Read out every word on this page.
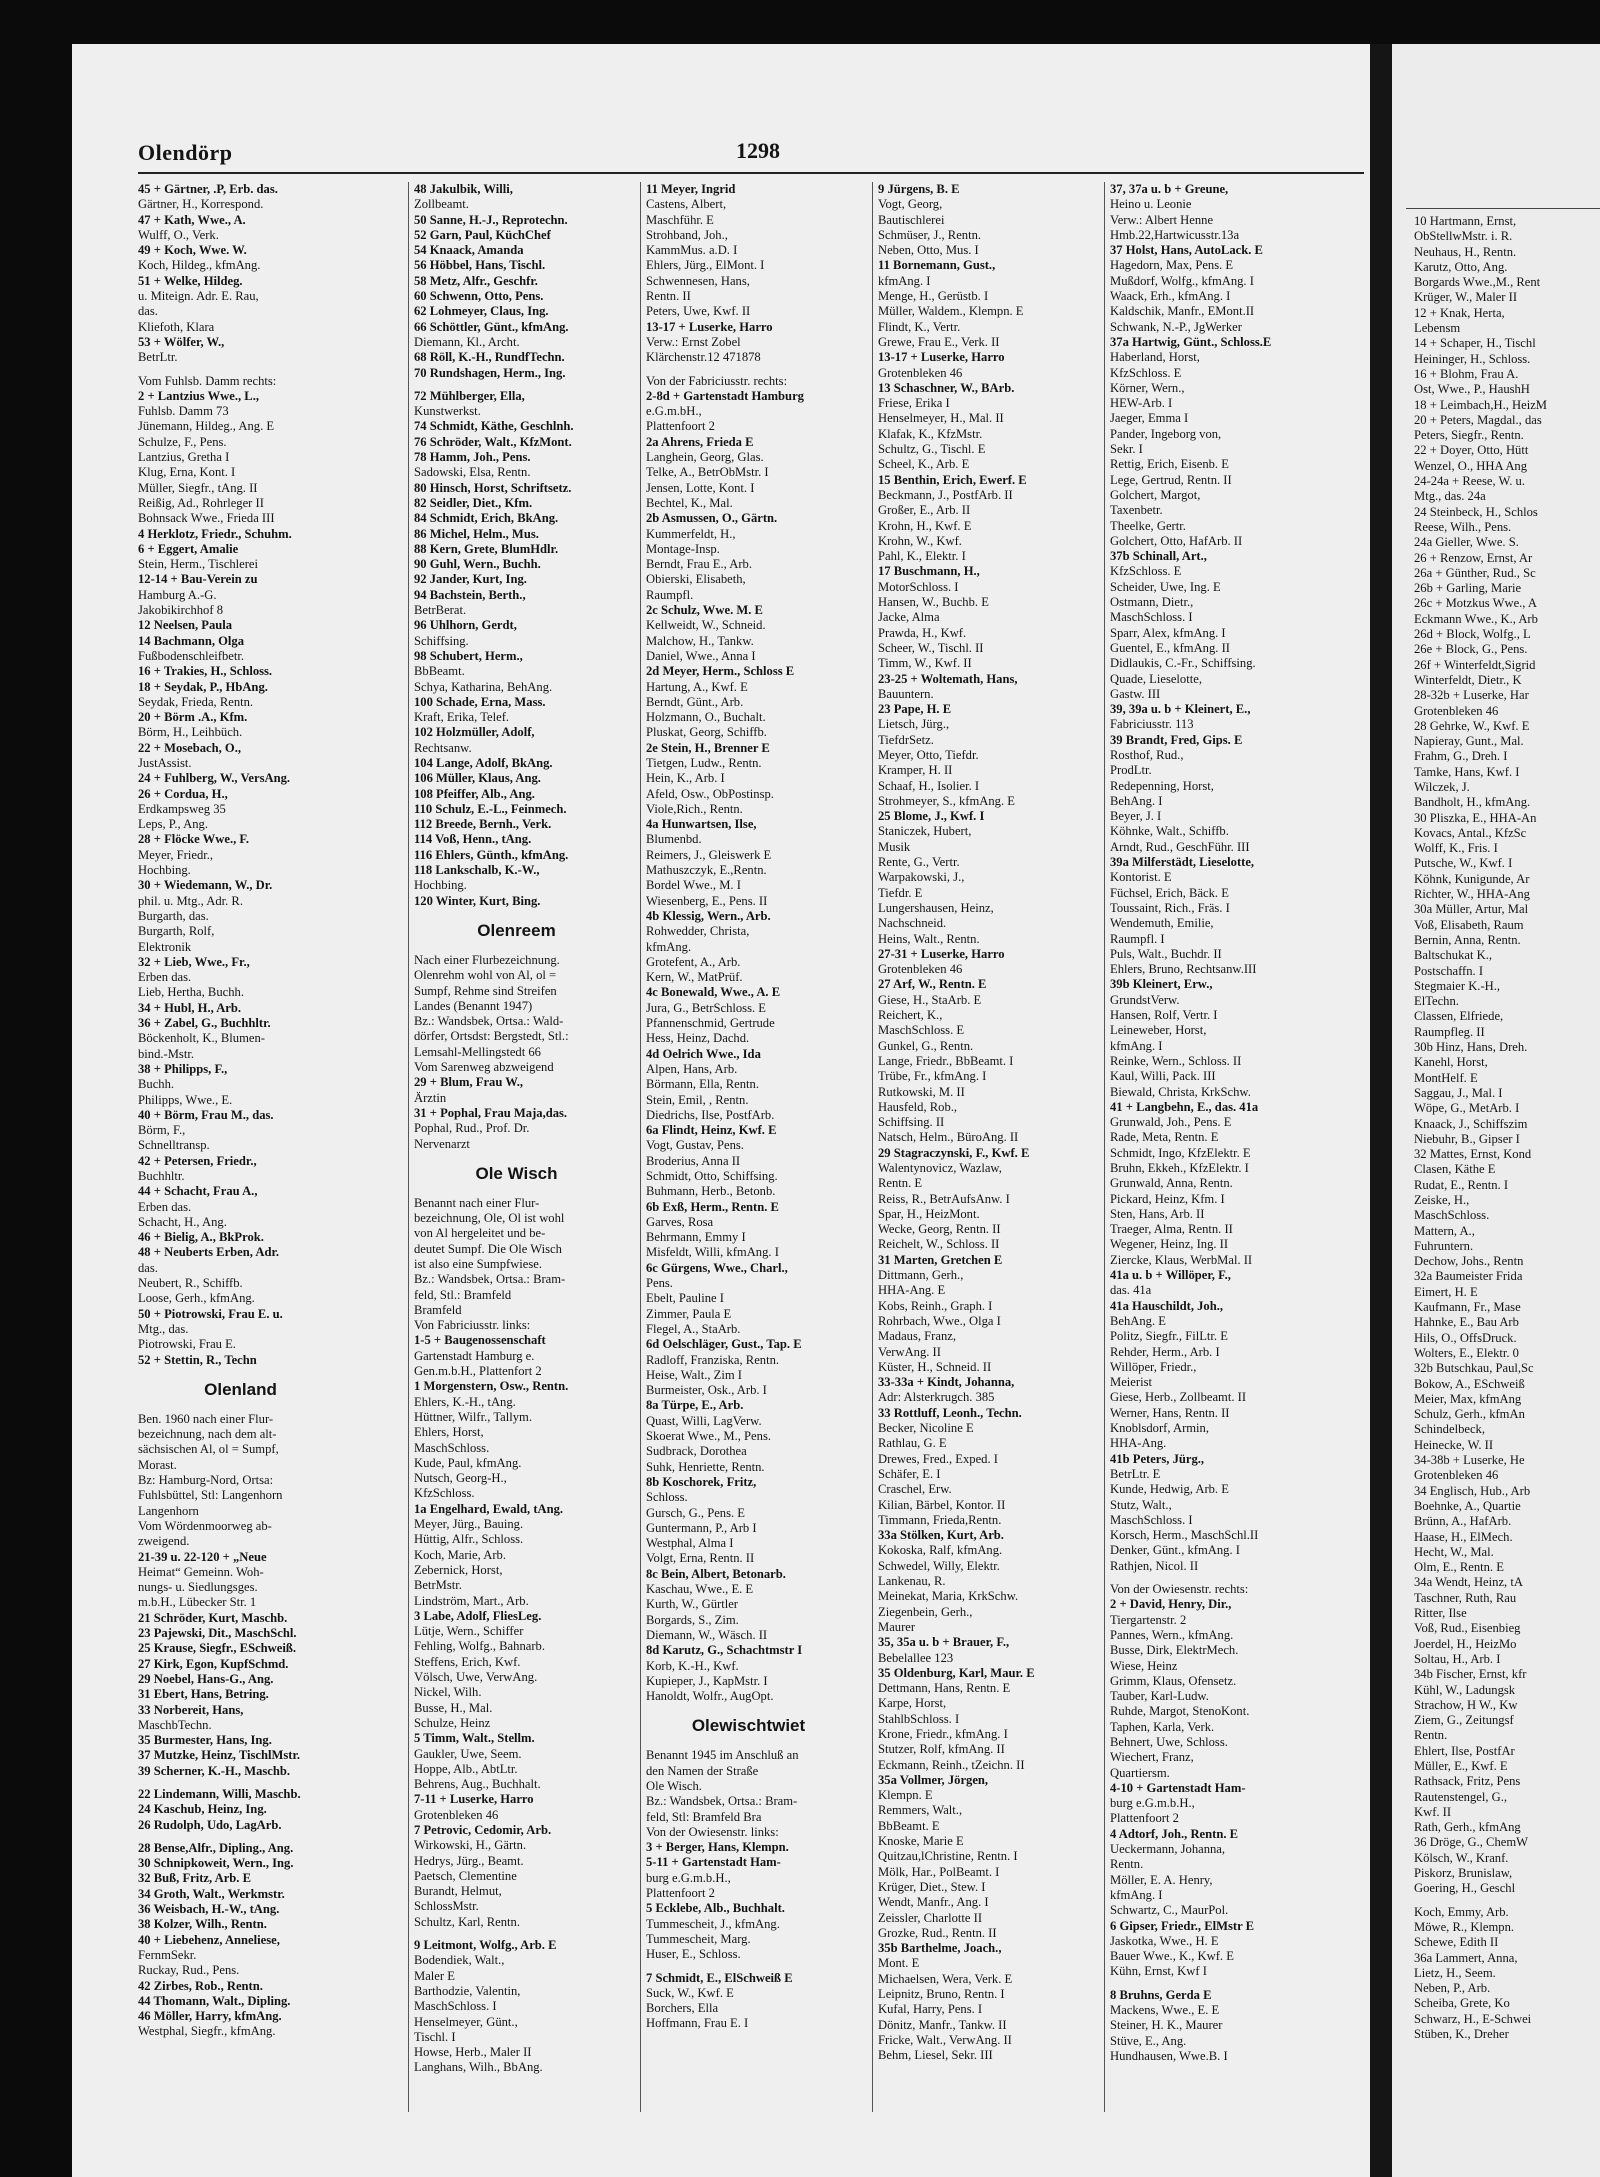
Olendörp	1298
45 + Gärtner, .P, Erb. das.
Gärtner, H., Korrespond.
47 + Kath, Wwe., A.
Wulff, O., Verk.
49 + Koch, Wwe. W.
Koch, Hildeg., kfmAng.
51 + Welke, Hildeg.
u. Miteign. Adr. E. Rau,
das.
Kliefoth, Klara
53 + Wölfer, W.,
BetrLtr.
Vom Fuhlsb. Damm rechts:
2 + Lantzius Wwe., L.,
Fuhlsb. Damm 73
Jünemann, Hildeg., Ang. E
Schulze, F., Pens.
Lantzius, Gretha I
Klug, Erna, Kont. I
Müller, Siegfr., tAng. II
Reißig, Ad., Rohrleger II
Bohnsack Wwe., Frieda III
4 Herklotz, Friedr., Schuhm.
6 + Eggert, Amalie
Stein, Herm., Tischlerei
12-14 + Bau-Verein zu
Hamburg A.-G.
Jakobikirchhof 8
12 Neelsen, Paula
14 Bachmann, Olga
Fußbodenschleifbetr.
16 + Trakies, H., Schloss.
18 + Seydak, P., HbAng.
Seydak, Frieda, Rentn.
20 + Börm .A., Kfm.
Börm, H., Leihbüch.
22 + Mosebach, O.,
JustAssist.
24 + Fuhlberg, W., VersAng.
26 + Cordua, H.,
Erdkampsweg 35
Leps, P., Ang.
28 + Flöcke Wwe., F.
Meyer, Friedr.,
Hochbing.
30 + Wiedemann, W., Dr.
phil. u. Mtg., Adr. R.
Burgarth, das.
Burgarth, Rolf,
Elektronik
32 + Lieb, Wwe., Fr.,
Erben das.
Lieb, Hertha, Buchh.
34 + Hubl, H., Arb.
36 + Zabel, G., Buchhltr.
Böckenholt, K., Blumen-
bind.-Mstr.
38 + Philipps, F.,
Buchh.
Philipps, Wwe., E.
40 + Börm, Frau M., das.
Börm, F.,
Schnelltransp.
42 + Petersen, Friedr.,
Buchhltr.
44 + Schacht, Frau A.,
Erben das.
Schacht, H., Ang.
46 + Bielig, A., BkProk.
48 + Neuberts Erben, Adr.
das.
Neubert, R., Schiffb.
Loose, Gerh., kfmAng.
50 + Piotrowski, Frau E. u.
Mtg., das.
Piotrowski, Frau E.
52 + Stettin, R., Techn
Olenland
Ben. 1960 nach einer Flur-
bezeichnung, nach dem alt-
sächsischen Al, ol = Sumpf,
Morast.
Bz: Hamburg-Nord, Ortsa:
Fuhlsbüttel, Stl: Langenhorn
Langenhorn
Vom Wördenmoorweg ab-
zweigend.
21-39 u. 22-120 + „Neue
Heimat“ Gemeinn. Woh-
nungs- u. Siedlungsges.
m.b.H., Lübecker Str. 1
21 Schröder, Kurt, Maschb.
23 Pajewski, Dit., MaschSchl.
25 Krause, Siegfr., ESchweiß.
27 Kirk, Egon, KupfSchmd.
29 Noebel, Hans-G., Ang.
31 Ebert, Hans, Betring.
33 Norbereit, Hans,
MaschbTechn.
35 Burmester, Hans, Ing.
37 Mutzke, Heinz, TischlMstr.
39 Scherner, K.-H., Maschb.
22 Lindemann, Willi, Maschb.
24 Kaschub, Heinz, Ing.
26 Rudolph, Udo, LagArb.
28 Bense,Alfr., Dipling., Ang.
30 Schnipkoweit, Wern., Ing.
32 Buß, Fritz, Arb. E
34 Groth, Walt., Werkmstr.
36 Weisbach, H.-W., tAng.
38 Kolzer, Wilh., Rentn.
40 + Liebehenz, Anneliese,
FernmSekr.
Ruckay, Rud., Pens.
42 Zirbes, Rob., Rentn.
44 Thomann, Walt., Dipling.
46 Möller, Harry, kfmAng.
Westphal, Siegfr., kfmAng.
48 Jakulbik, Willi,
Zollbeamt.
50 Sanne, H.-J., Reprotechn.
52 Garn, Paul, KüchChef
54 Knaack, Amanda
56 Höbbel, Hans, Tischl.
58 Metz, Alfr., Geschfr.
60 Schwenn, Otto, Pens.
62 Lohmeyer, Claus, Ing.
66 Schöttler, Günt., kfmAng.
Diemann, Kl., Archt.
68 Röll, K.-H., RundfTechn.
70 Rundshagen, Herm., Ing.
72 Mühlberger, Ella,
Kunstwerkst.
74 Schmidt, Käthe, Geschlnh.
76 Schröder, Walt., KfzMont.
78 Hamm, Joh., Pens.
Sadowski, Elsa, Rentn.
80 Hinsch, Horst, Schriftsetz.
82 Seidler, Diet., Kfm.
84 Schmidt, Erich, BkAng.
86 Michel, Helm., Mus.
88 Kern, Grete, BlumHdlr.
90 Guhl, Wern., Buchh.
92 Jander, Kurt, Ing.
94 Bachstein, Berth.,
BetrBerat.
96 Uhlhorn, Gerdt,
Schiffsing.
98 Schubert, Herm.,
BbBeamt.
Schya, Katharina, BehAng.
100 Schade, Erna, Mass.
Kraft, Erika, Telef.
102 Holzmüller, Adolf,
Rechtsanw.
104 Lange, Adolf, BkAng.
106 Müller, Klaus, Ang.
108 Pfeiffer, Alb., Ang.
110 Schulz, E.-L., Feinmech.
112 Breede, Bernh., Verk.
114 Voß, Henn., tAng.
116 Ehlers, Günth., kfmAng.
118 Lankschalb, K.-W.,
Hochbing.
120 Winter, Kurt, Bing.
Olenreem
Nach einer Flurbezeichnung.
Olenrehm wohl von Al, ol =
Sumpf, Rehme sind Streifen
Landes (Benannt 1947)
Bz.: Wandsbek, Ortsa.: Wald-
dörfer, Ortsdst: Bergstedt, Stl.:
Lemsahl-Mellingstedt 66
Vom Sarenweg abzweigend
29 + Blum, Frau W.,
Ärztin
31 + Pophal, Frau Maja,das.
Pophal, Rud., Prof. Dr.
Nervenarzt
Ole Wisch
Benannt nach einer Flur-
bezeichnung, Ole, Ol ist wohl
von Al hergeleitet und be-
deutet Sumpf. Die Ole Wisch
ist also eine Sumpfwiese.
Bz.: Wandsbek, Ortsa.: Bram-
feld, Stl.: Bramfeld
Bramfeld
Von Fabriciusstr. links:
1-5 + Baugenossenschaft
Gartenstadt Hamburg e.
Gen.m.b.H., Plattenfort 2
1 Morgenstern, Osw., Rentn.
Ehlers, K.-H., tAng.
Hüttner, Wilfr., Tallym.
Ehlers, Horst,
MaschSchloss.
Kude, Paul, kfmAng.
Nutsch, Georg-H.,
KfzSchloss.
1a Engelhard, Ewald, tAng.
Meyer, Jürg., Bauing.
Hüttig, Alfr., Schloss.
Koch, Marie, Arb.
Zebernick, Horst,
BetrMstr.
Lindström, Mart., Arb.
3 Labe, Adolf, FliesLeg.
Lütje, Wern., Schiffer
Fehling, Wolfg., Bahnarb.
Steffens, Erich, Kwf.
Völsch, Uwe, VerwAng.
Nickel, Wilh.
Busse, H., Mal.
Schulze, Heinz
5 Timm, Walt., Stellm.
Gaukler, Uwe, Seem.
Hoppe, Alb., AbtLtr.
Behrens, Aug., Buchhalt.
7-11 + Luserke, Harro
Grotenbleken 46
7 Petrovic, Cedomir, Arb.
Wirkowski, H., Gärtn.
Hedrys, Jürg., Beamt.
Paetsch, Clementine
Burandt, Helmut,
SchlossMstr.
Schultz, Karl, Rentn.
9 Leitmont, Wolfg., Arb. E
Bodendiek, Walt.,
Maler E
Barthodzie, Valentin,
MaschSchloss. I
Henselmeyer, Günt.,
Tischl. I
Howse, Herb., Maler II
Langhans, Wilh., BbAng.
11 Meyer, Ingrid
Castens, Albert,
Maschführ. E
Strohband, Joh.,
KammMus. a.D. I
Ehlers, Jürg., ElMont. I
Schwennesen, Hans,
Rentn. II
Peters, Uwe, Kwf. II
13-17 + Luserke, Harro
Verw.: Ernst Zobel
Klärchenstr.12 471878
Von der Fabriciusstr. rechts:
2-8d + Gartenstadt Hamburg
e.G.m.bH.,
Plattenfoort 2
2a Ahrens, Frieda E
Langhein, Georg, Glas.
Telke, A., BetrObMstr. I
Jensen, Lotte, Kont. I
Bechtel, K., Mal.
2b Asmussen, O., Gärtn.
Kummerfeldt, H.,
Montage-Insp.
Berndt, Frau E., Arb.
Obierski, Elisabeth,
Raumpfl.
2c Schulz, Wwe. M. E
Kellweidt, W., Schneid.
Malchow, H., Tankw.
Daniel, Wwe., Anna I
2d Meyer, Herm., Schloss E
Hartung, A., Kwf. E
Berndt, Günt., Arb.
Holzmann, O., Buchalt.
Pluskat, Georg, Schiffb.
2e Stein, H., Brenner E
Tietgen, Ludw., Rentn.
Hein, K., Arb. I
Afeld, Osw., ObPostinsp.
Viole,Rich., Rentn.
4a Hunwartsen, Ilse,
Blumenbd.
Reimers, J., Gleiswerk E
Mathuszczyk, E.,Rentn.
Bordel Wwe., M. I
Wiesenberg, E., Pens. II
4b Klessig, Wern., Arb.
Rohwedder, Christa,
kfmAng.
Grotefent, A., Arb.
Kern, W., MatPrüf.
4c Bonewald, Wwe., A. E
Jura, G., BetrSchloss. E
Pfannenschmid, Gertrude
Hess, Heinz, Dachd.
4d Oelrich Wwe., Ida
Alpen, Hans, Arb.
Börmann, Ella, Rentn.
Stein, Emil, , Rentn.
Diedrichs, Ilse, PostfArb.
6a Flindt, Heinz, Kwf. E
Vogt, Gustav, Pens.
Broderius, Anna II
Schmidt, Otto, Schiffsing.
Buhmann, Herb., Betonb.
6b Exß, Herm., Rentn. E
Garves, Rosa
Behrmann, Emmy I
Misfeldt, Willi, kfmAng. I
6c Gürgens, Wwe., Charl.,
Pens.
Ebelt, Pauline I
Zimmer, Paula E
Flegel, A., StaArb.
6d Oelschläger, Gust., Tap. E
Radloff, Franziska, Rentn.
Heise, Walt., Zim I
Burmeister, Osk., Arb. I
8a Türpe, E., Arb.
Quast, Willi, LagVerw.
Skoerat Wwe., M., Pens.
Sudbrack, Dorothea
Suhk, Henriette, Rentn.
8b Koschorek, Fritz,
Schloss.
Gursch, G., Pens. E
Guntermann, P., Arb I
Westphal, Alma I
Volgt, Erna, Rentn. II
8c Bein, Albert, Betonarb.
Kaschau, Wwe., E. E
Kurth, W., Gürtler
Borgards, S., Zim.
Diemann, W., Wäsch. II
8d Karutz, G., Schachtmstr I
Korb, K.-H., Kwf.
Kupieper, J., KapMstr. I
Hanoldt, Wolfr., AugOpt.
Olewischtwiet
Benannt 1945 im Anschluß an
den Namen der Straße
Ole Wisch.
Bz.: Wandsbek, Ortsa.: Bram-
feld, Stl: Bramfeld Bra
Von der Owiesenstr. links:
3 + Berger, Hans, Klempn.
5-11 + Gartenstadt Ham-
burg e.G.m.b.H.,
Plattenfoort 2
5 Ecklebe, Alb., Buchhalt.
Tummescheit, J., kfmAng.
Tummescheit, Marg.
Huser, E., Schloss.
7 Schmidt, E., ElSchweiß E
Suck, W., Kwf. E
Borchers, Ella
Hoffmann, Frau E. I
9 Jürgens, B. E
Vogt, Georg,
Bautischlerei
Schmüser, J., Rentn.
Neben, Otto, Mus. I
11 Bornemann, Gust.,
kfmAng. I
Menge, H., Gerüstb. I
Müller, Waldem., Klempn. E
Flindt, K., Vertr.
Grewe, Frau E., Verk. II
13-17 + Luserke, Harro
Grotenbleken 46
13 Schaschner, W., BArb.
Friese, Erika I
Henselmeyer, H., Mal. II
Klafak, K., KfzMstr.
Schultz, G., Tischl. E
Scheel, K., Arb. E
15 Benthin, Erich, Ewerf. E
Beckmann, J., PostfArb. II
Großer, E., Arb. II
Krohn, H., Kwf. E
Krohn, W., Kwf.
Pahl, K., Elektr. I
17 Buschmann, H.,
MotorSchloss. I
Hansen, W., Buchb. E
Jacke, Alma
Prawda, H., Kwf.
Scheer, W., Tischl. II
Timm, W., Kwf. II
23-25 + Woltemath, Hans,
Bauuntern.
23 Pape, H. E
Lietsch, Jürg.,
TiefdrSetz.
Meyer, Otto, Tiefdr.
Kramper, H. II
Schaaf, H., Isolier. I
Strohmeyer, S., kfmAng. E
25 Blome, J., Kwf. I
Staniczek, Hubert,
Musik
Rente, G., Vertr.
Warpakowski, J.,
Tiefdr. E
Lungershausen, Heinz,
Nachschneid.
Heins, Walt., Rentn.
27-31 + Luserke, Harro
Grotenbleken 46
27 Arf, W., Rentn. E
Giese, H., StaArb. E
Reichert, K.,
MaschSchloss. E
Gunkel, G., Rentn.
Lange, Friedr., BbBeamt. I
Trübe, Fr., kfmAng. I
Rutkowski, M. II
Hausfeld, Rob.,
Schiffsing. II
Natsch, Helm., BüroAng. II
29 Stagraczynski, F., Kwf. E
Walentynovicz, Wazlaw,
Rentn. E
Reiss, R., BetrAufsAnw. I
Spar, H., HeizMont.
Wecke, Georg, Rentn. II
Reichelt, W., Schloss. II
31 Marten, Gretchen E
Dittmann, Gerh.,
HHA-Ang. E
Kobs, Reinh., Graph. I
Rohrbach, Wwe., Olga I
Madaus, Franz,
VerwAng. II
Küster, H., Schneid. II
33-33a + Kindt, Johanna,
Adr: Alsterkrugch. 385
33 Rottluff, Leonh., Techn.
Becker, Nicoline E
Rathlau, G. E
Drewes, Fred., Exped. I
Schäfer, E. I
Craschel, Erw.
Kilian, Bärbel, Kontor. II
Timmann, Frieda,Rentn.
33a Stölken, Kurt, Arb.
Kokoska, Ralf, kfmAng.
Schwedel, Willy, Elektr.
Lankenau, R.
Meinekat, Maria, KrkSchw.
Ziegenbein, Gerh.,
Maurer
35, 35a u. b + Brauer, F.,
Bebelallee 123
35 Oldenburg, Karl, Maur. E
Dettmann, Hans, Rentn. E
Karpe, Horst,
StahlbSchloss. I
Krone, Friedr., kfmAng. I
Stutzer, Rolf, kfmAng. II
Eckmann, Reinh., tZeichn. II
35a Vollmer, Jörgen,
Klempn. E
Remmers, Walt.,
BbBeamt. E
Knoske, Marie E
Quitzau,lChristine, Rentn. I
Mölk, Har., PolBeamt. I
Krüger, Diet., Stew. I
Wendt, Manfr., Ang. I
Zeissler, Charlotte II
Grozke, Rud., Rentn. II
35b Barthelme, Joach.,
Mont. E
Michaelsen, Wera, Verk. E
Leipnitz, Bruno, Rentn. I
Kufal, Harry, Pens. I
Dönitz, Manfr., Tankw. II
Fricke, Walt., VerwAng. II
Behm, Liesel, Sekr. III
37, 37a u. b + Greune,
Heino u. Leonie
Verw.: Albert Henne
Hmb.22,Hartwicusstr.13a
37 Holst, Hans, AutoLack. E
Hagedorn, Max, Pens. E
Mußdorf, Wolfg., kfmAng. I
Waack, Erh., kfmAng. I
Kaldschik, Manfr., EMont.II
Schwank, N.-P., JgWerker
37a Hartwig, Günt., Schloss.E
Haberland, Horst,
KfzSchloss. E
Körner, Wern.,
HEW-Arb. I
Jaeger, Emma I
Pander, Ingeborg von,
Sekr. I
Rettig, Erich, Eisenb. E
Lege, Gertrud, Rentn. II
Golchert, Margot,
Taxenbetr.
Theelke, Gertr.
Golchert, Otto, HafArb. II
37b Schinall, Art.,
KfzSchloss. E
Scheider, Uwe, Ing. E
Ostmann, Dietr.,
MaschSchloss. I
Sparr, Alex, kfmAng. I
Guentel, E., kfmAng. II
Didlaukis, C.-Fr., Schiffsing.
Quade, Lieselotte,
Gastw. III
39, 39a u. b + Kleinert, E.,
Fabriciusstr. 113
39 Brandt, Fred, Gips. E
Rosthof, Rud.,
ProdLtr.
Redepenning, Horst,
BehAng. I
Beyer, J. I
Köhnke, Walt., Schiffb.
Arndt, Rud., GeschFühr. III
39a Milferstädt, Lieselotte,
Kontorist. E
Füchsel, Erich, Bäck. E
Toussaint, Rich., Fräs. I
Wendemuth, Emilie,
Raumpfl. I
Puls, Walt., Buchdr. II
Ehlers, Bruno, Rechtsanw.III
39b Kleinert, Erw.,
GrundstVerw.
Hansen, Rolf, Vertr. I
Leineweber, Horst,
kfmAng. I
Reinke, Wern., Schloss. II
Kaul, Willi, Pack. III
Biewald, Christa, KrkSchw.
41 + Langbehn, E., das. 41a
Grunwald, Joh., Pens. E
Rade, Meta, Rentn. E
Schmidt, Ingo, KfzElektr. E
Bruhn, Ekkeh., KfzElektr. I
Grunwald, Anna, Rentn.
Pickard, Heinz, Kfm. I
Sten, Hans, Arb. II
Traeger, Alma, Rentn. II
Wegener, Heinz, Ing. II
Ziercke, Klaus, WerbMal. II
41a u. b + Willöper, F.,
das. 41a
41a Hauschildt, Joh.,
BehAng. E
Politz, Siegfr., FilLtr. E
Rehder, Herm., Arb. I
Willöper, Friedr.,
Meierist
Giese, Herb., Zollbeamt. II
Werner, Hans, Rentn. II
Knoblsdorf, Armin,
HHA-Ang.
41b Peters, Jürg.,
BetrLtr. E
Kunde, Hedwig, Arb. E
Stutz, Walt.,
MaschSchloss. I
Korsch, Herm., MaschSchl.II
Denker, Günt., kfmAng. I
Rathjen, Nicol. II
Von der Owiesenstr. rechts:
2 + David, Henry, Dir.,
Tiergartenstr. 2
Pannes, Wern., kfmAng.
Busse, Dirk, ElektrMech.
Wiese, Heinz
Grimm, Klaus, Ofensetz.
Tauber, Karl-Ludw.
Ruhde, Margot, StenoKont.
Taphen, Karla, Verk.
Behnert, Uwe, Schloss.
Wiechert, Franz,
Quartiersm.
4-10 + Gartenstadt Ham-
burg e.G.m.b.H.,
Plattenfoort 2
4 Adtorf, Joh., Rentn. E
Ueckermann, Johanna,
Rentn.
Möller, E. A. Henry,
kfmAng. I
Schwartz, C., MaurPol.
6 Gipser, Friedr., ElMstr E
Jaskotka, Wwe., H. E
Bauer Wwe., K., Kwf. E
Kühn, Ernst, Kwf I
8 Bruhns, Gerda E
Mackens, Wwe., E. E
Steiner, H. K., Maurer
Stüve, E., Ang.
Hundhausen, Wwe.B. I
10 Hartmann, Ernst,
ObStellwMstr. i. R.
Neuhaus, H., Rentn.
Karutz, Otto, Ang.
Borgards Wwe.,M., Rent
Krüger, W., Maler II
12 + Knak, Herta,
Lebensm
14 + Schaper, H., Tischl
Heininger, H., Schloss.
16 + Blohm, Frau A.
Ost, Wwe., P., HaushH
18 + Leimbach,H., HeizM
20 + Peters, Magdal., das
Peters, Siegfr., Rentn.
22 + Doyer, Otto, Hütt
Wenzel, O., HHA Ang
24-24a + Reese, W. u.
Mtg., das. 24a
24 Steinbeck, H., Schlos
Reese, Wilh., Pens.
24a Gieller, Wwe. S.
26 + Renzow, Ernst, Ar
26a + Günther, Rud., Sc
26b + Garling, Marie
26c + Motzkus Wwe., A
Eckmann Wwe., K., Arb
26d + Block, Wolfg., L
26e + Block, G., Pens.
26f + Winterfeldt,Sigrid
Winterfeldt, Dietr., K
28-32b + Luserke, Har
Grotenbleken 46
28 Gehrke, W., Kwf. E
Napieray, Gunt., Mal.
Frahm, G., Dreh. I
Tamke, Hans, Kwf. I
Wilczek, J.
Bandholt, H., kfmAng.
30 Pliszka, E., HHA-An
Kovacs, Antal., KfzSc
Wolff, K., Fris. I
Putsche, W., Kwf. I
Köhnk, Kunigunde, Ar
Richter, W., HHA-Ang
30a Müller, Artur, Mal
Voß, Elisabeth, Raum
Bernin, Anna, Rentn.
Baltschukat K.,
Postschaffn. I
Stegmaier K.-H.,
ElTechn.
Classen, Elfriede,
Raumpfleg. II
30b Hinz, Hans, Dreh.
Kanehl, Horst,
MontHelf. E
Saggau, J., Mal. I
Wöpe, G., MetArb. I
Knaack, J., Schiffszim
Niebuhr, B., Gipser I
32 Mattes, Ernst, Kond
Clasen, Käthe E
Rudat, E., Rentn. I
Zeiske, H.,
MaschSchloss.
Mattern, A.,
Fuhruntern.
Dechow, Johs., Rentn
32a Baumeister Frida
Eimert, H. E
Kaufmann, Fr., Mase
Hahnke, E., Bau Arb
Hils, O., OffsDruck.
Wolters, E., Elektr. 0
32b Butschkau, Paul,Sc
Bokow, A., ESchweiß
Meier, Max, kfmAng
Schulz, Gerh., kfmAn
Schindelbeck,
Heinecke, W. II
34-38b + Luserke, He
Grotenbleken 46
34 Englisch, Hub., Arb
Boehnke, A., Quartie
Brünn, A., HafArb.
Haase, H., ElMech.
Hecht, W., Mal.
Olm, E., Rentn. E
34a Wendt, Heinz, tA
Taschner, Ruth, Rau
Ritter, Ilse
Voß, Rud., Eisenbieg
Joerdel, H., HeizMo
Soltau, H., Arb. I
34b Fischer, Ernst, kfr
Kühl, W., Ladungsk
Strachow, H W., Kw
Ziem, G., Zeitungsf
Rentn.
Ehlert, Ilse, PostfAr
Müller, E., Kwf. E
Rathsack, Fritz, Pens
Rautenstengel, G.,
Kwf. II
Rath, Gerh., kfmAng
36 Dröge, G., ChemW
Kölsch, W., Kranf.
Piskorz, Brunislaw,
Goering, H., Geschl
Koch, Emmy, Arb.
Möwe, R., Klempn.
Schewe, Edith II
36a Lammert, Anna,
Lietz, H., Seem.
Neben, P., Arb.
Scheiba, Grete, Ko
Schwarz, H., E-Schwei
Stüben, K., Dreher
